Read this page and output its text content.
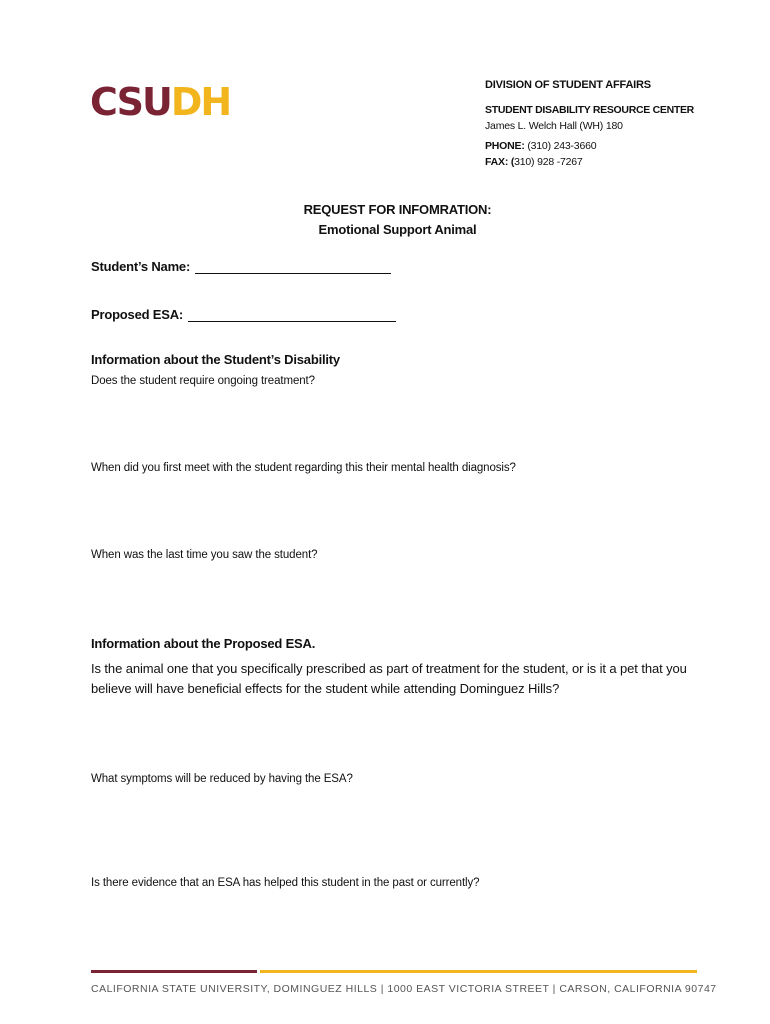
CSUDH	DIVISION OF STUDENT AFFAIRS
STUDENT DISABILITY RESOURCE CENTER
James L. Welch Hall (WH) 180
PHONE: (310) 243-3660
FAX: (310) 928 -7267
REQUEST FOR INFOMRATION:
Emotional Support Animal
Student’s Name:
Proposed ESA:
Information about the Student’s Disability
Does the student require ongoing treatment?
When did you first meet with the student regarding this their mental health diagnosis?
When was the last time you saw the student?
Information about the Proposed ESA.
Is the animal one that you specifically prescribed as part of treatment for the student, or is it a pet that you believe will have beneficial effects for the student while attending Dominguez Hills?
What symptoms will be reduced by having the ESA?
Is there evidence that an ESA has helped this student in the past or currently?
CALIFORNIA STATE UNIVERSITY, DOMINGUEZ HILLS | 1000 EAST VICTORIA STREET | CARSON, CALIFORNIA 90747
